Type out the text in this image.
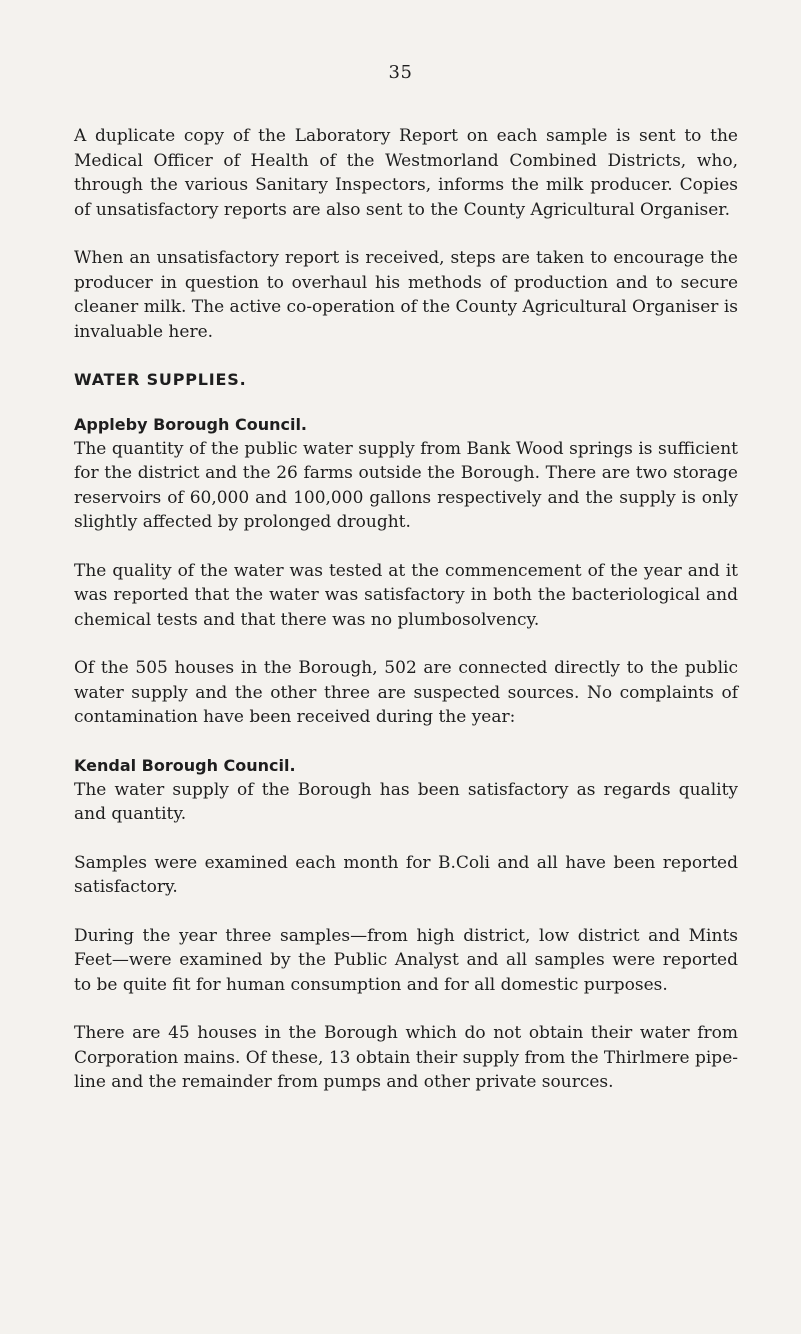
35

A duplicate copy of the Laboratory Report on each sample is sent to the Medical Officer of Health of the Westmorland Combined Districts, who, through the various Sanitary Inspectors, informs the milk producer. Copies of unsatisfactory reports are also sent to the County Agricultural Organiser.

When an unsatisfactory report is received, steps are taken to encourage the producer in question to overhaul his methods of production and to secure cleaner milk. The active co-operation of the County Agricultural Organiser is invaluable here.

WATER SUPPLIES.
Appleby Borough Council.

The quantity of the public water supply from Bank Wood springs is sufficient for the district and the 26 farms outside the Borough. There are two storage reservoirs of 60,000 and 100,000 gallons respectively and the supply is only slightly affected by prolonged drought.

The quality of the water was tested at the commencement of the year and it was reported that the water was satisfactory in both the bacteriological and chemical tests and that there was no plumbosolvency.

Of the 505 houses in the Borough, 502 are connected directly to the public water supply and the other three are suspected sources. No complaints of contamination have been received during the year:

Kendal Borough Council.

The water supply of the Borough has been satisfactory as regards quality and quantity.

Samples were examined each month for B.Coli and all have been reported satisfactory.

During the year three samples—from high district, low district and Mints Feet—were examined by the Public Analyst and all samples were reported to be quite fit for human consumption and for all domestic purposes.

There are 45 houses in the Borough which do not obtain their water from Corporation mains. Of these, 13 obtain their supply from the Thirlmere pipe-line and the remainder from pumps and other private sources.
